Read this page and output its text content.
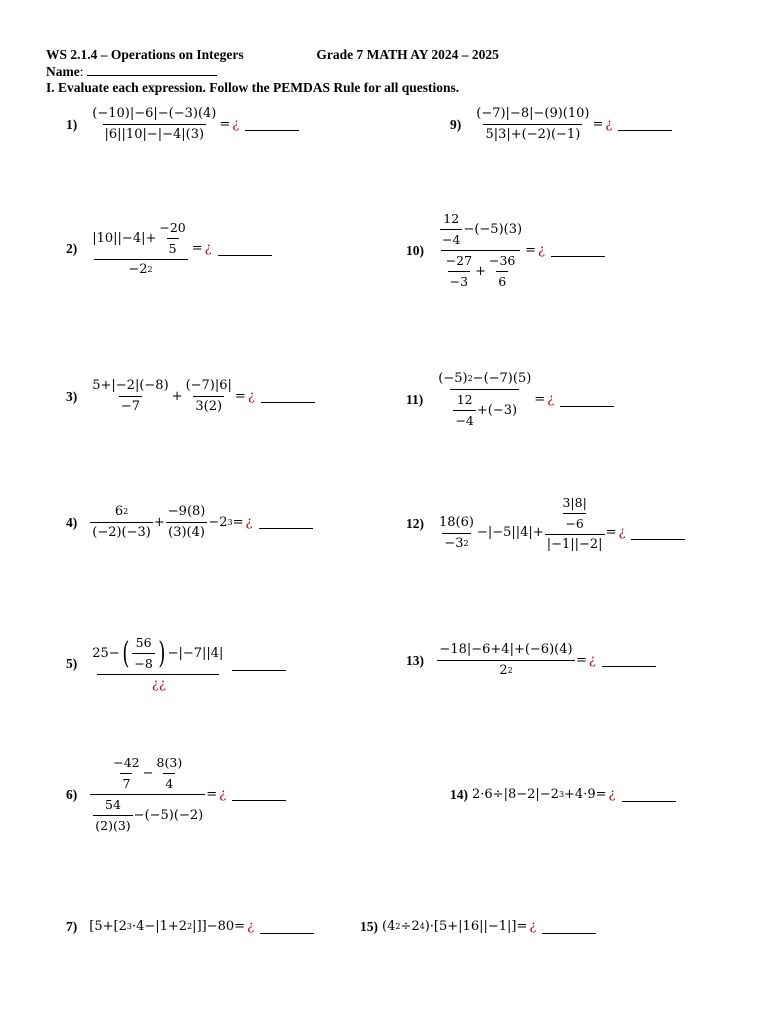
WS 2.1.4 – Operations on Integers	Grade 7 MATH AY 2024 – 2025
Name:
I. Evaluate each expression. Follow the PEMDAS Rule for all questions.
$1) \frac{(-10)|-6|-(-3)(4)}{|6||10|-|-4|(3)}$ = ¿	$9) \frac{(-7)|-8|-(9)(10)}{5|3|+(-2)(-1)}$ = ¿
$2) \frac{|10||-4|+ \frac{-20}{5}}{-2 2}$ = ¿	10)
$\frac{12}{-4} -(-5)(3)$
$\frac{-27}{-3} + \frac{-36}{6}$
= ¿
$3) \frac{5+|-2|(-8)}{-7} + \frac{(-7)|6|}{3(2)}$ = ¿	$11) \frac{(-5) 2 -(-7)(5)}{\frac{12}{-4} +(-3)}$ = ¿
$4) \frac{6 2}{(-2)(-3)} + \frac{-9(8)}{(3)(4)} -2$ 3 = ¿	$12) \frac{18(6)}{-3 2} -|-5||4|+ \frac{\frac{3|8|}{-6}}{|-1||-2|}$ = ¿
5)
25− ( $\frac{56}{-8}$ ) −|−7||4|
¿ ¿
$13) \frac{-18|-6+4|+(-6)(4)}{2 2}$ = ¿
6)
$\frac{-42}{7} - \frac{8(3)}{4}$
$\frac{54}{(2)(3)} -(-5)(-2)$
= ¿	14) 2·6÷|8−2|−2 3 +4·9 = ¿
7) [ 5+ [ 2 3 ·4−|1+2 2 | ]] −80 = ¿	15) ( 4 2 ÷2 4 ) ·[5+|16||−1|] = ¿
